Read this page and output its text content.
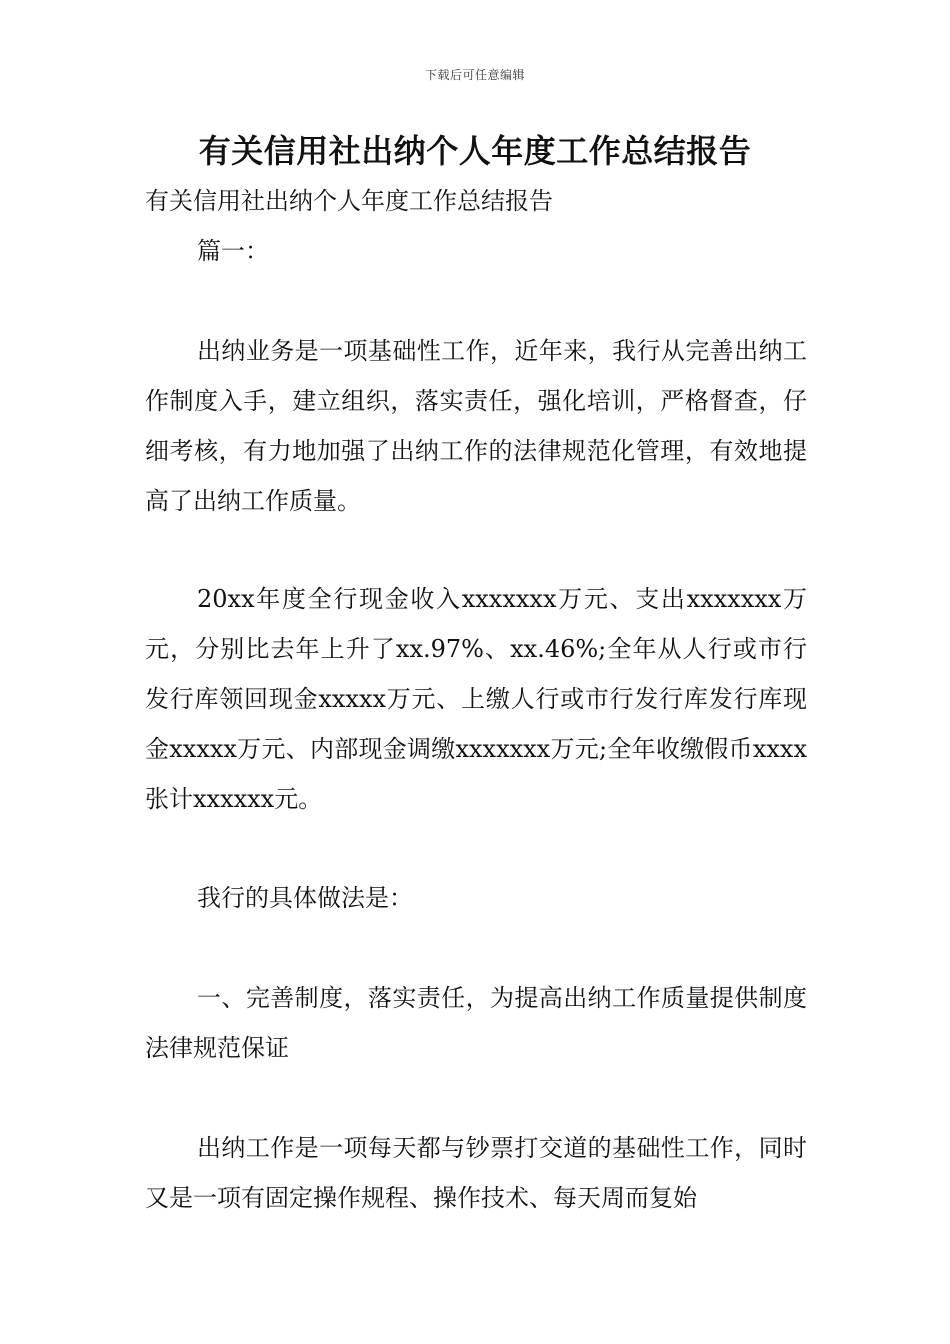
下载后可任意编辑
有关信用社出纳个人年度工作总结报告
有关信用社出纳个人年度工作总结报告
篇一：
出纳业务是一项基础性工作，近年来，我行从完善出纳工作制度入手，建立组织，落实责任，强化培训，严格督查，仔细考核，有力地加强了出纳工作的法律规范化管理，有效地提高了出纳工作质量。
20xx年度全行现金收入xxxxxxx万元、支出xxxxxxx万元，分别比去年上升了xx.97%、xx.46%;全年从人行或市行发行库领回现金xxxxx万元、上缴人行或市行发行库发行库现金xxxxx万元、内部现金调缴xxxxxxx万元;全年收缴假币xxxx张计xxxxxx元。
我行的具体做法是：
一、完善制度，落实责任，为提高出纳工作质量提供制度法律规范保证
出纳工作是一项每天都与钞票打交道的基础性工作，同时又是一项有固定操作规程、操作技术、每天周而复始
